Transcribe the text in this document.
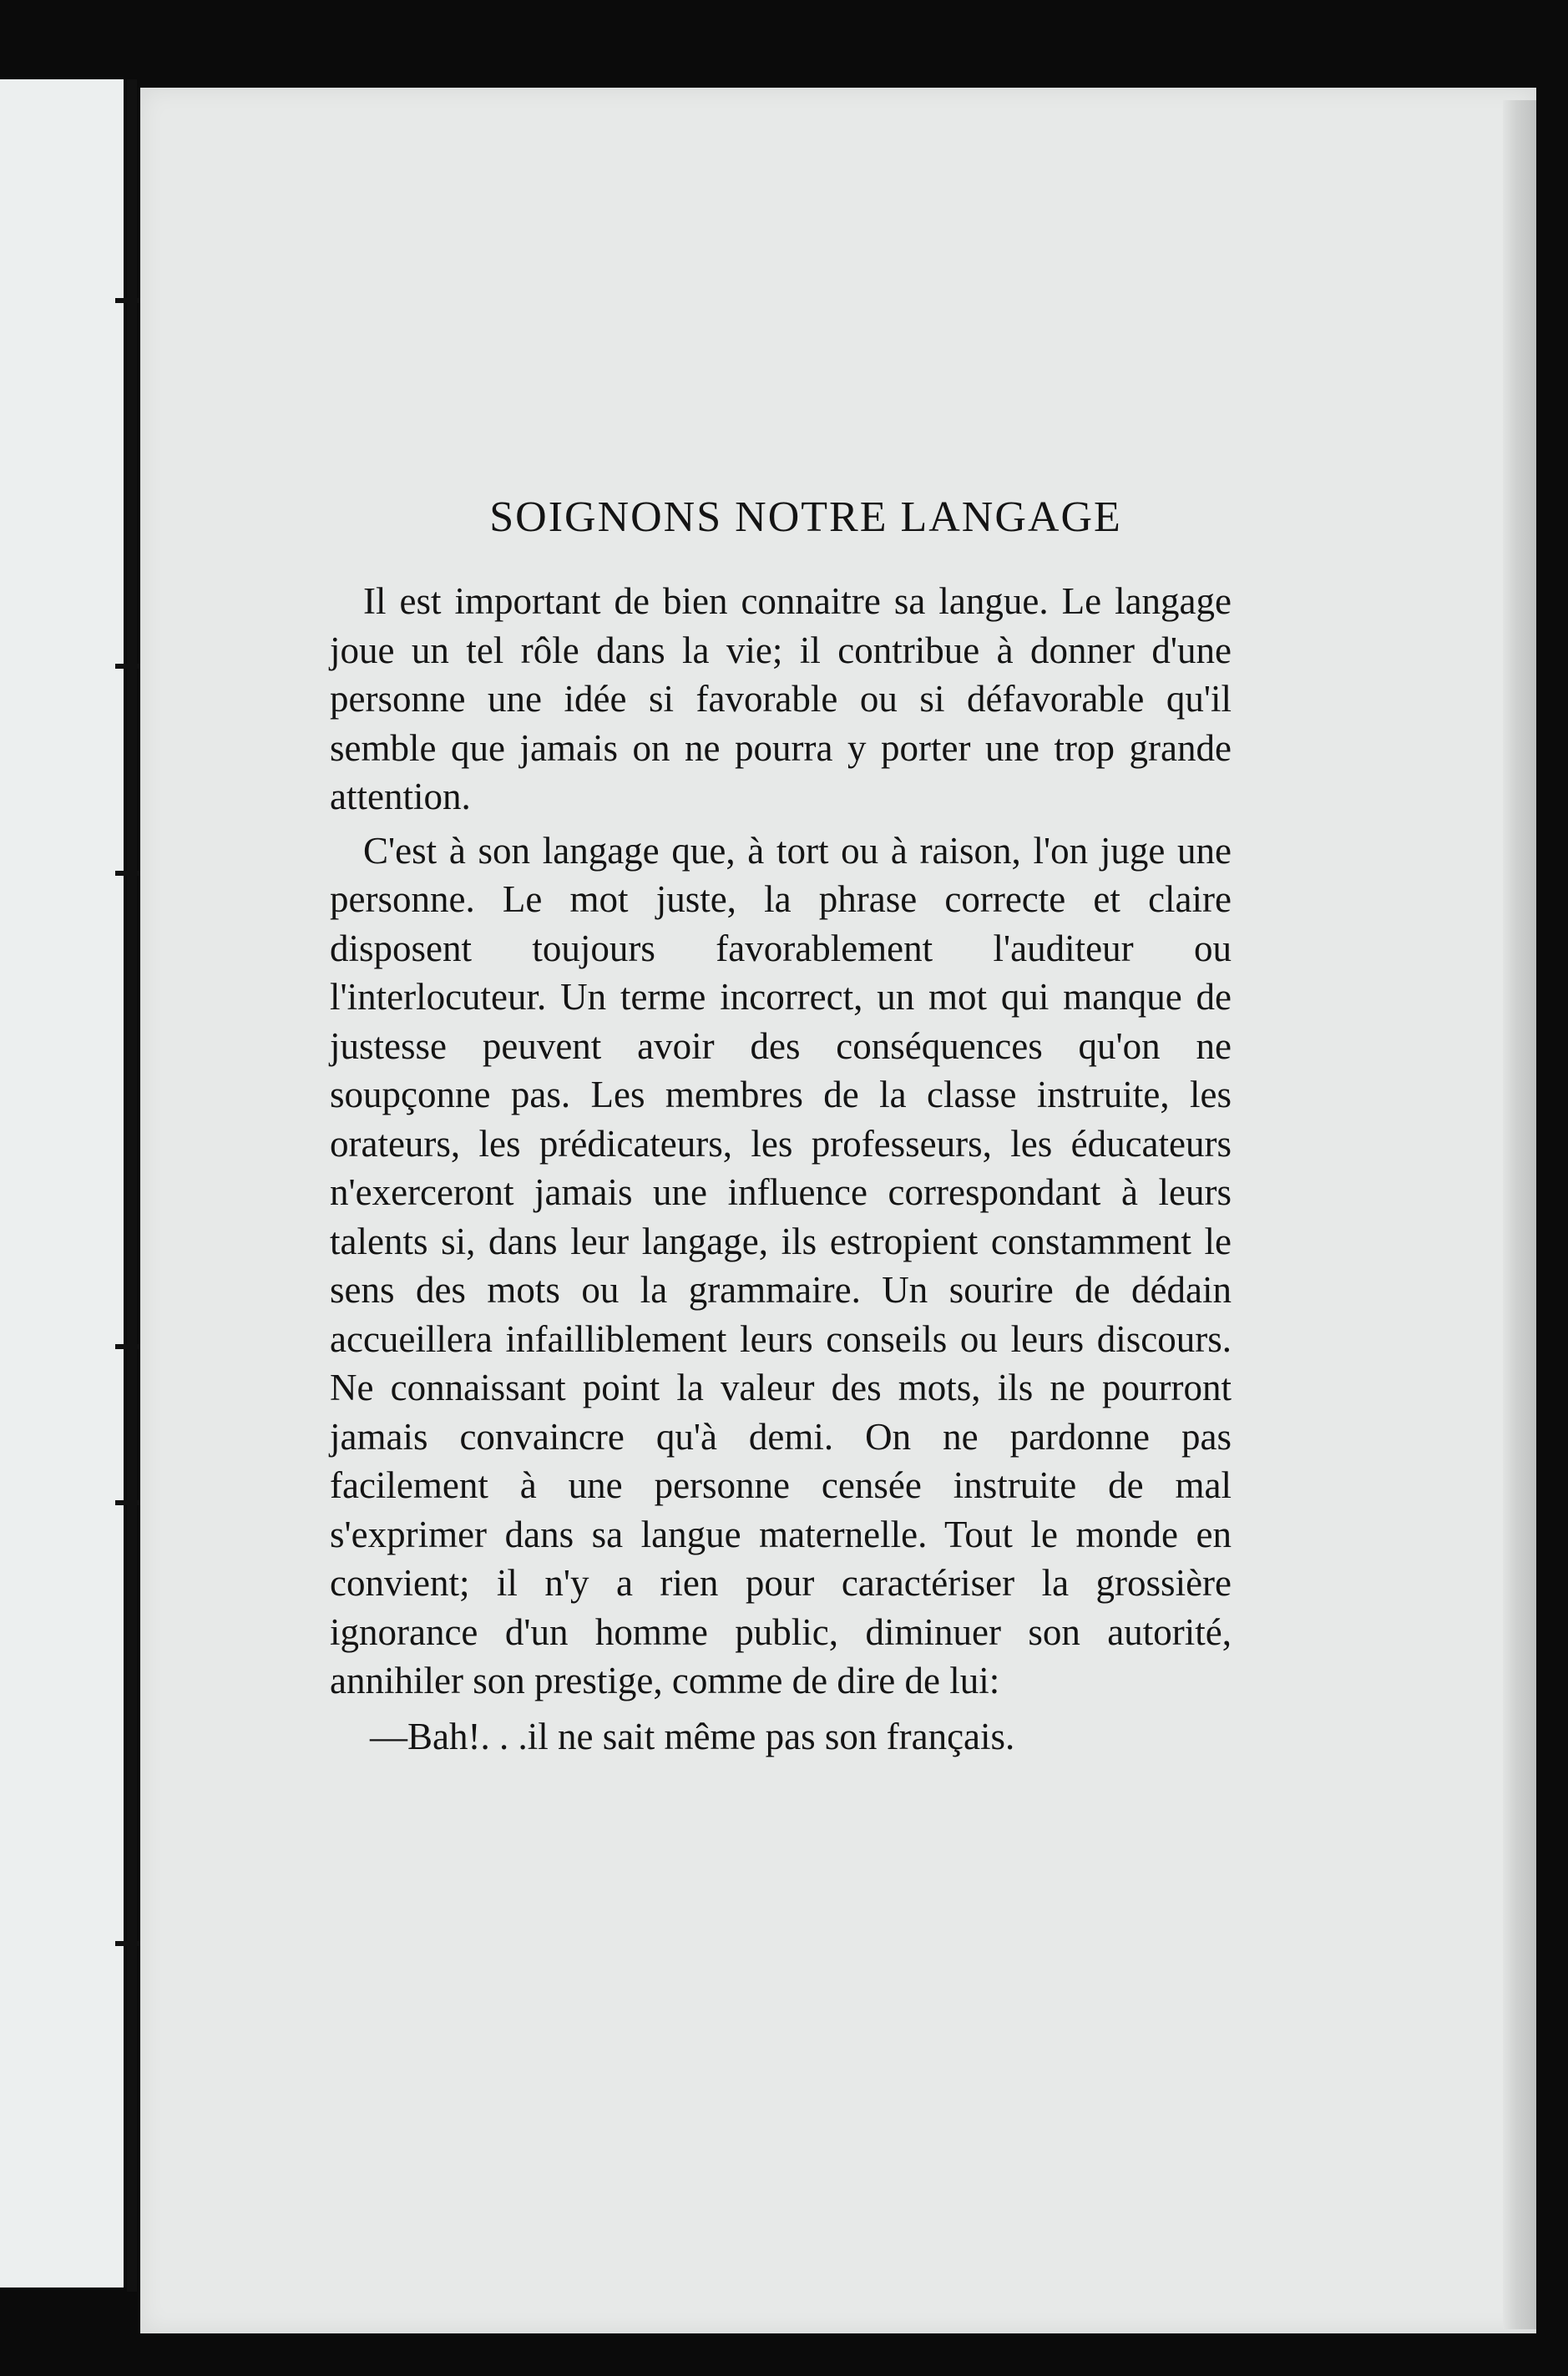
SOIGNONS NOTRE LANGAGE

Il est important de bien connaitre sa langue. Le langage joue un tel rôle dans la vie; il contribue à donner d'une personne une idée si favorable ou si défavorable qu'il semble que jamais on ne pourra y porter une trop grande attention.

C'est à son langage que, à tort ou à raison, l'on juge une personne. Le mot juste, la phrase correcte et claire disposent toujours favorablement l'auditeur ou l'interlocuteur. Un terme incorrect, un mot qui manque de justesse peuvent avoir des conséquences qu'on ne soupçonne pas. Les membres de la classe instruite, les orateurs, les prédicateurs, les professeurs, les éducateurs n'exerceront jamais une influence correspondant à leurs talents si, dans leur langage, ils estropient constamment le sens des mots ou la grammaire. Un sourire de dédain accueillera infailliblement leurs conseils ou leurs discours. Ne connaissant point la valeur des mots, ils ne pourront jamais convaincre qu'à demi. On ne pardonne pas facilement à une personne censée instruite de mal s'exprimer dans sa langue maternelle. Tout le monde en convient; il n'y a rien pour caractériser la grossière ignorance d'un homme public, diminuer son autorité, annihiler son prestige, comme de dire de lui:

—Bah!. . .il ne sait même pas son français.
